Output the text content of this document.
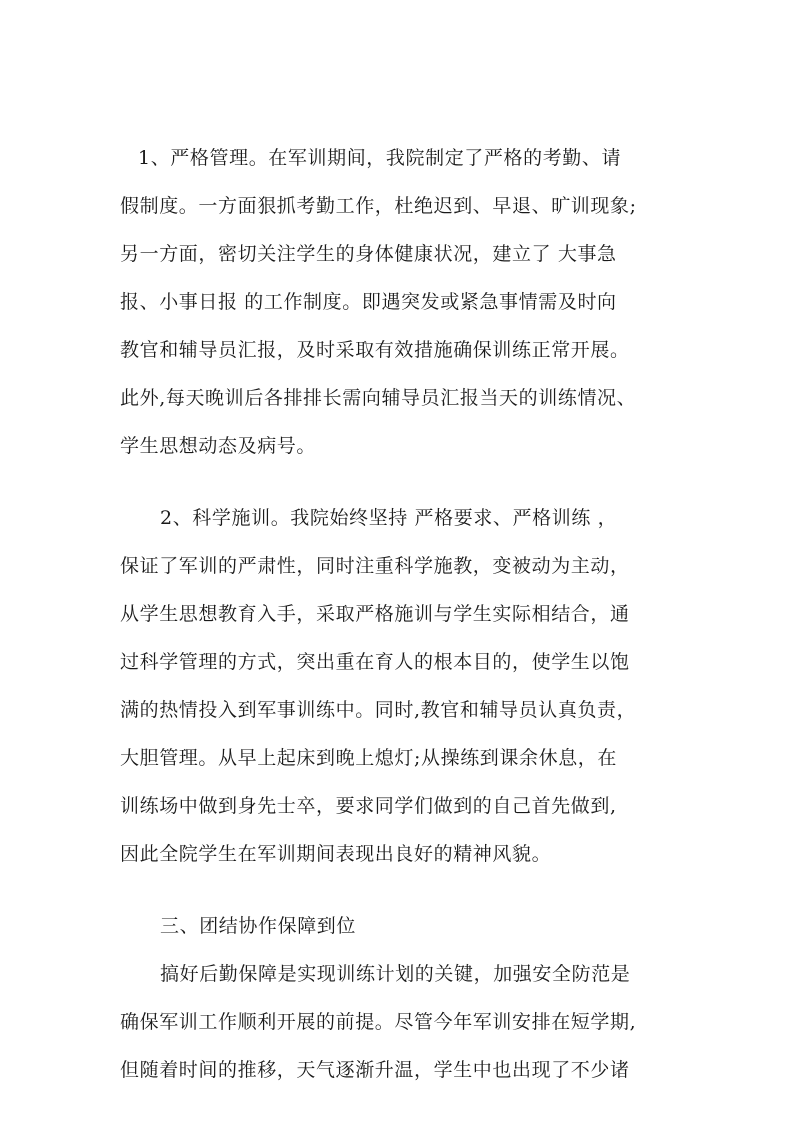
1、严格管理。在军训期间，我院制定了严格的考勤、请
假制度。一方面狠抓考勤工作，杜绝迟到、早退、旷训现象;
另一方面，密切关注学生的身体健康状况，建立了 大事急
报、小事日报 的工作制度。即遇突发或紧急事情需及时向
教官和辅导员汇报，及时采取有效措施确保训练正常开展。
此外,每天晚训后各排排长需向辅导员汇报当天的训练情况、
学生思想动态及病号。
2、科学施训。我院始终坚持 严格要求、严格训练 ，
保证了军训的严肃性，同时注重科学施教，变被动为主动，
从学生思想教育入手，采取严格施训与学生实际相结合，通
过科学管理的方式，突出重在育人的根本目的，使学生以饱
满的热情投入到军事训练中。同时,教官和辅导员认真负责，
大胆管理。从早上起床到晚上熄灯;从操练到课余休息，在
训练场中做到身先士卒，要求同学们做到的自己首先做到,
因此全院学生在军训期间表现出良好的精神风貌。
三、团结协作保障到位
搞好后勤保障是实现训练计划的关键，加强安全防范是
确保军训工作顺利开展的前提。尽管今年军训安排在短学期,
但随着时间的推移，天气逐渐升温，学生中也出现了不少诸
